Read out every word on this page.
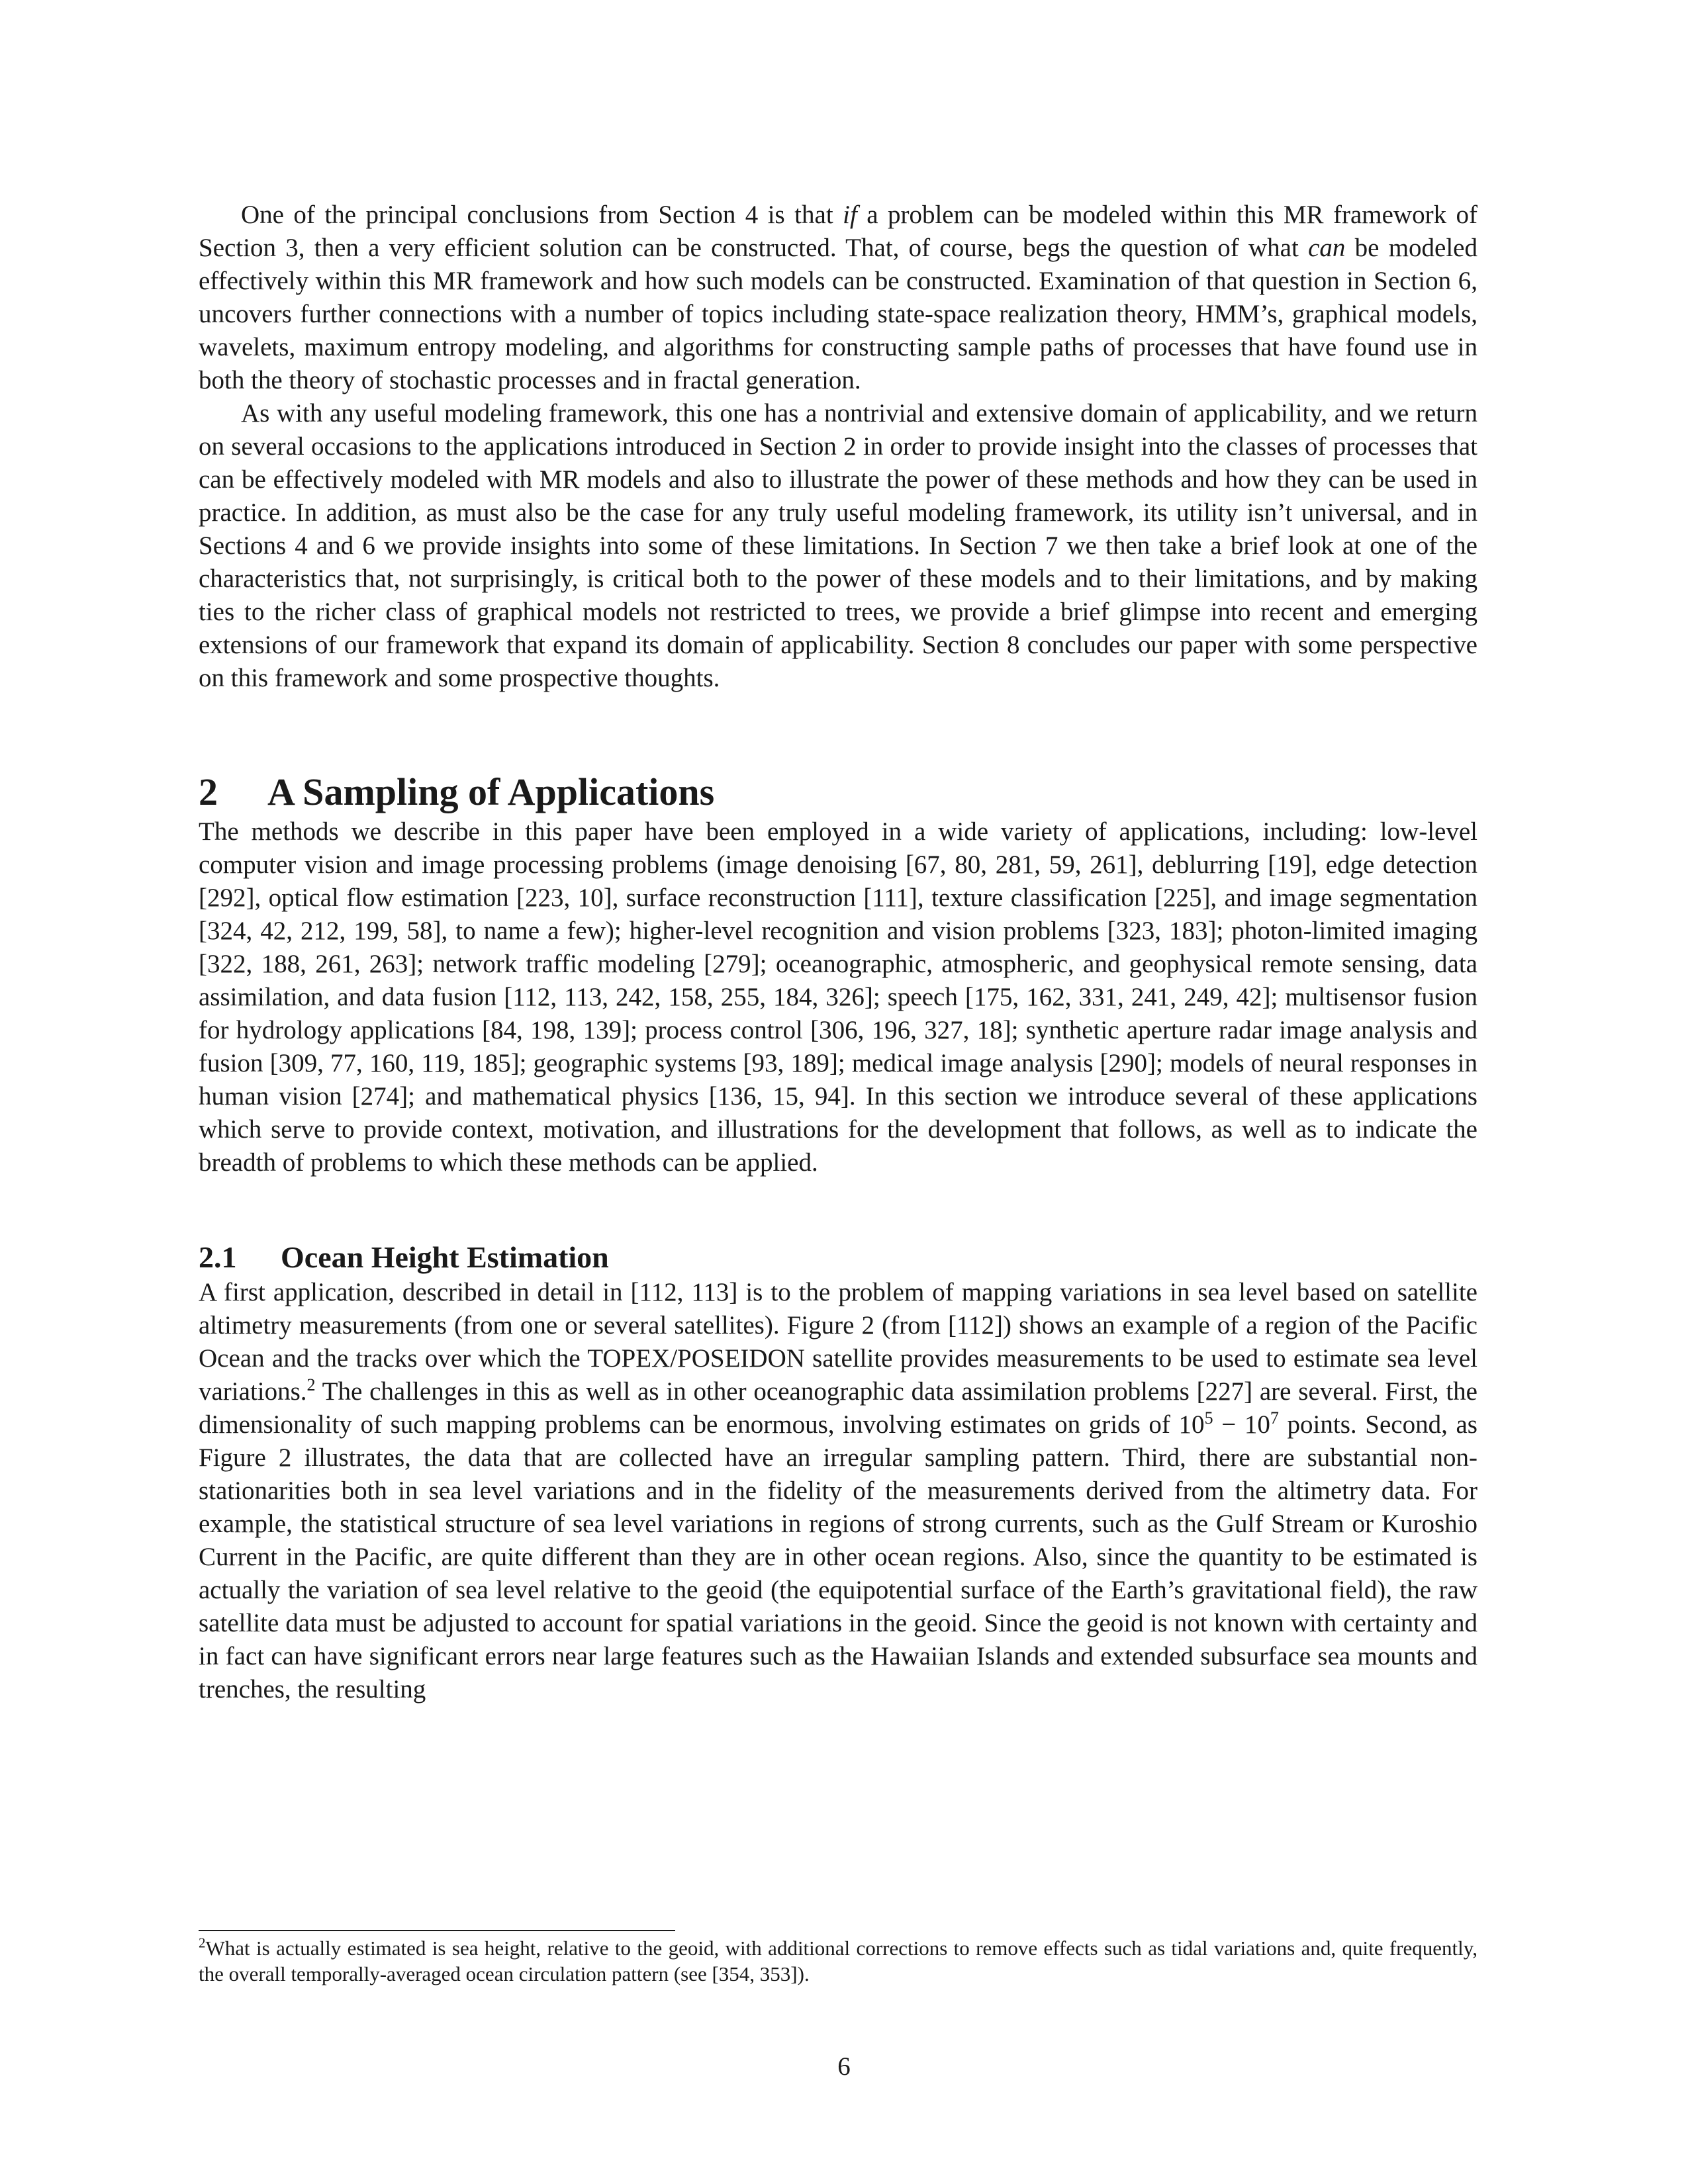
One of the principal conclusions from Section 4 is that if a problem can be modeled within this MR framework of Section 3, then a very efficient solution can be constructed. That, of course, begs the question of what can be modeled effectively within this MR framework and how such models can be constructed. Examination of that question in Section 6, uncovers further connections with a number of topics including state-space realization theory, HMM’s, graphical models, wavelets, maximum entropy modeling, and algorithms for constructing sample paths of processes that have found use in both the theory of stochastic processes and in fractal generation.

As with any useful modeling framework, this one has a nontrivial and extensive domain of applicability, and we return on several occasions to the applications introduced in Section 2 in order to provide insight into the classes of processes that can be effectively modeled with MR models and also to illustrate the power of these methods and how they can be used in practice. In addition, as must also be the case for any truly useful modeling framework, its utility isn’t universal, and in Sections 4 and 6 we provide insights into some of these limitations. In Section 7 we then take a brief look at one of the characteristics that, not surprisingly, is critical both to the power of these models and to their limitations, and by making ties to the richer class of graphical models not restricted to trees, we provide a brief glimpse into recent and emerging extensions of our framework that expand its domain of applicability. Section 8 concludes our paper with some perspective on this framework and some prospective thoughts.

2	A Sampling of Applications

The methods we describe in this paper have been employed in a wide variety of applications, including: low-level computer vision and image processing problems (image denoising [67, 80, 281, 59, 261], deblurring [19], edge detection [292], optical flow estimation [223, 10], surface reconstruction [111], texture classification [225], and image segmentation [324, 42, 212, 199, 58], to name a few); higher-level recognition and vision problems [323, 183]; photon-limited imaging [322, 188, 261, 263]; network traffic modeling [279]; oceanographic, atmospheric, and geophysical remote sensing, data assimilation, and data fusion [112, 113, 242, 158, 255, 184, 326]; speech [175, 162, 331, 241, 249, 42]; multisensor fusion for hydrology applications [84, 198, 139]; process control [306, 196, 327, 18]; synthetic aperture radar image analysis and fusion [309, 77, 160, 119, 185]; geographic systems [93, 189]; medical image analysis [290]; models of neural responses in human vision [274]; and mathematical physics [136, 15, 94]. In this section we introduce several of these applications which serve to provide context, motivation, and illustrations for the development that follows, as well as to indicate the breadth of problems to which these methods can be applied.

2.1	Ocean Height Estimation

A first application, described in detail in [112, 113] is to the problem of mapping variations in sea level based on satellite altimetry measurements (from one or several satellites). Figure 2 (from [112]) shows an example of a region of the Pacific Ocean and the tracks over which the TOPEX/POSEIDON satellite provides measurements to be used to estimate sea level variations.$^2$ The challenges in this as well as in other oceanographic data assimilation problems [227] are several. First, the dimensionality of such mapping problems can be enormous, involving estimates on grids of $10^5 - 10^7$ points. Second, as Figure 2 illustrates, the data that are collected have an irregular sampling pattern. Third, there are substantial non-stationarities both in sea level variations and in the fidelity of the measurements derived from the altimetry data. For example, the statistical structure of sea level variations in regions of strong currents, such as the Gulf Stream or Kuroshio Current in the Pacific, are quite different than they are in other ocean regions. Also, since the quantity to be estimated is actually the variation of sea level relative to the geoid (the equipotential surface of the Earth’s gravitational field), the raw satellite data must be adjusted to account for spatial variations in the geoid. Since the geoid is not known with certainty and in fact can have significant errors near large features such as the Hawaiian Islands and extended subsurface sea mounts and trenches, the resulting

$^2$What is actually estimated is sea height, relative to the geoid, with additional corrections to remove effects such as tidal variations and, quite frequently, the overall temporally-averaged ocean circulation pattern (see [354, 353]).
6
